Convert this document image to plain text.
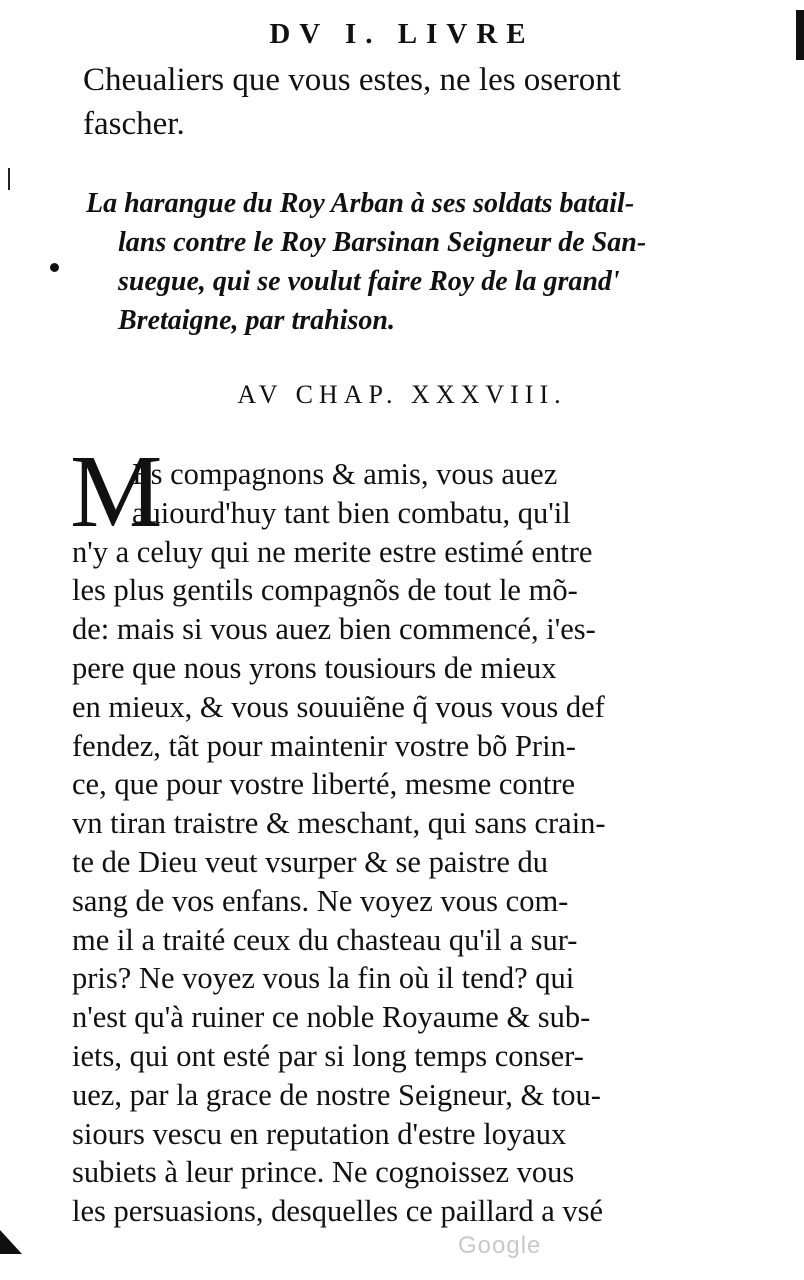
DV I. LIVRE
Cheualiers que vous estes, ne les oseront
fascher.
La harangue du Roy Arban à ses soldats batail-
lans contre le Roy Barsinan Seigneur de San-
suegue, qui se voulut faire Roy de la grand'
Bretaigne, par trahison.
AV CHAP. XXXVIII.
M
Es compagnons & amis, vous auez
auiourd'huy tant bien combatu, qu'il
n'y a celuy qui ne merite estre estimé entre
les plus gentils compagnõs de tout le mõ-
de: mais si vous auez bien commencé, i'es-
pere que nous yrons tousiours de mieux
en mieux, & vous souuiẽne q̃ vous vous def
fendez, tãt pour maintenir vostre bõ Prin-
ce, que pour vostre liberté, mesme contre
vn tiran traistre & meschant, qui sans crain-
te de Dieu veut vsurper & se paistre du
sang de vos enfans. Ne voyez vous com-
me il a traité ceux du chasteau qu'il a sur-
pris? Ne voyez vous la fin où il tend? qui
n'est qu'à ruiner ce noble Royaume & sub-
iets, qui ont esté par si long temps conser-
uez, par la grace de nostre Seigneur, & tou-
siours vescu en reputation d'estre loyaux
subiets à leur prince. Ne cognoissez vous
les persuasions, desquelles ce paillard a vsé
Google
